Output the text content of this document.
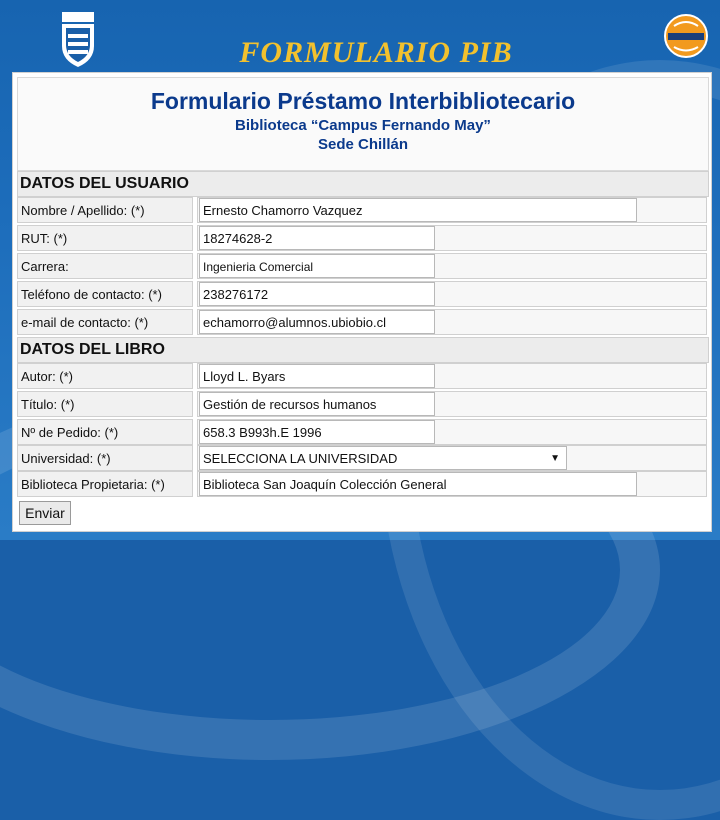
FORMULARIO PIB
Formulario Préstamo Interbibliotecario
Biblioteca “Campus Fernando May”
Sede Chillán
DATOS DEL USUARIO
Nombre / Apellido: (*)	Ernesto Chamorro Vazquez
RUT: (*)	18274628-2
Carrera:	Ingenieria Comercial
Teléfono de contacto: (*)	238276172
e-mail de contacto: (*)	echamorro@alumnos.ubiobio.cl
DATOS DEL LIBRO
Autor: (*)	Lloyd L. Byars
Título: (*)	Gestión de recursos humanos
Nº de Pedido: (*)	658.3 B993h.E 1996
Universidad: (*)	SELECCIONA LA UNIVERSIDAD	▼
Biblioteca Propietaria: (*)	Biblioteca San Joaquín Colección General
Enviar
